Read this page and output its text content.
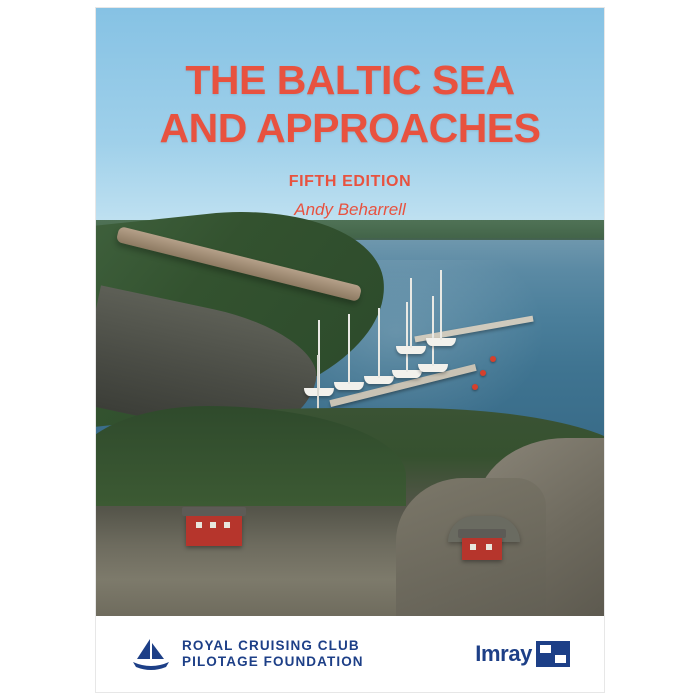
THE BALTIC SEA
AND APPROACHES
FIFTH EDITION
Andy Beharrell
ROYAL CRUISING CLUB
PILOTAGE FOUNDATION	Imray
